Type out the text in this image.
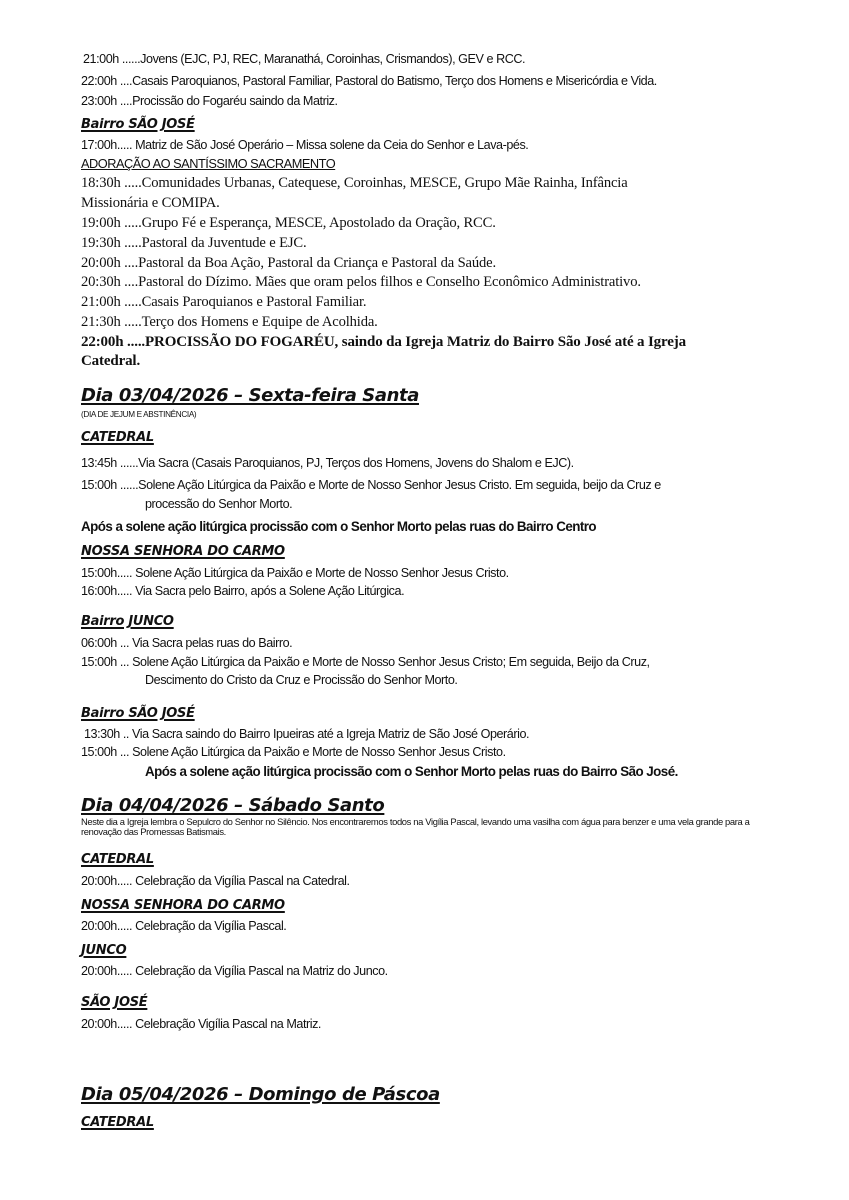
21:00h ......Jovens (EJC, PJ, REC, Maranathá, Coroinhas, Crismandos), GEV e RCC.
22:00h ....Casais Paroquianos, Pastoral Familiar, Pastoral do Batismo, Terço dos Homens e Misericórdia e Vida.
23:00h ....Procissão do Fogaréu saindo da Matriz.
Bairro SÃO JOSÉ
17:00h..... Matriz de São José Operário – Missa solene da Ceia do Senhor e Lava-pés.
ADORAÇÃO AO SANTÍSSIMO SACRAMENTO
18:30h .....Comunidades Urbanas, Catequese, Coroinhas, MESCE, Grupo Mãe Rainha, Infância
Missionária e COMIPA.
19:00h .....Grupo Fé e Esperança, MESCE, Apostolado da Oração, RCC.
19:30h .....Pastoral da Juventude e EJC.
20:00h ....Pastoral da Boa Ação, Pastoral da Criança e Pastoral da Saúde.
20:30h ....Pastoral do Dízimo. Mães que oram pelos filhos e Conselho Econômico Administrativo.
21:00h .....Casais Paroquianos e Pastoral Familiar.
21:30h .....Terço dos Homens e Equipe de Acolhida.
22:00h .....PROCISSÃO DO FOGARÉU, saindo da Igreja Matriz do Bairro São José até a Igreja
Catedral.
Dia 03/04/2026 – Sexta-feira Santa
(DIA DE JEJUM E ABSTINÊNCIA)
CATEDRAL
13:45h ......Via Sacra (Casais Paroquianos, PJ, Terços dos Homens, Jovens do Shalom e EJC).
15:00h ......Solene Ação Litúrgica da Paixão e Morte de Nosso Senhor Jesus Cristo. Em seguida, beijo da Cruz e
processão do Senhor Morto.
Após a solene ação litúrgica procissão com o Senhor Morto pelas ruas do Bairro Centro
NOSSA SENHORA DO CARMO
15:00h..... Solene Ação Litúrgica da Paixão e Morte de Nosso Senhor Jesus Cristo.
16:00h..... Via Sacra pelo Bairro, após a Solene Ação Litúrgica.
Bairro JUNCO
06:00h ... Via Sacra pelas ruas do Bairro.
15:00h ... Solene Ação Litúrgica da Paixão e Morte de Nosso Senhor Jesus Cristo; Em seguida, Beijo da Cruz,
Descimento do Cristo da Cruz e Procissão do Senhor Morto.
Bairro SÃO JOSÉ
13:30h .. Via Sacra saindo do Bairro Ipueiras até a Igreja Matriz de São José Operário.
15:00h ... Solene Ação Litúrgica da Paixão e Morte de Nosso Senhor Jesus Cristo.
Após a solene ação litúrgica procissão com o Senhor Morto pelas ruas do Bairro São José.
Dia 04/04/2026 – Sábado Santo
Neste dia a Igreja lembra o Sepulcro do Senhor no Silêncio. Nos encontraremos todos na Vigília Pascal, levando uma vasilha com água para benzer e uma vela grande para a renovação das Promessas Batismais.
CATEDRAL
20:00h..... Celebração da Vigília Pascal na Catedral.
NOSSA SENHORA DO CARMO
20:00h..... Celebração da Vigília Pascal.
JUNCO
20:00h..... Celebração da Vigília Pascal na Matriz do Junco.
SÃO JOSÉ
20:00h..... Celebração Vigília Pascal na Matriz.
Dia 05/04/2026 – Domingo de Páscoa
CATEDRAL
